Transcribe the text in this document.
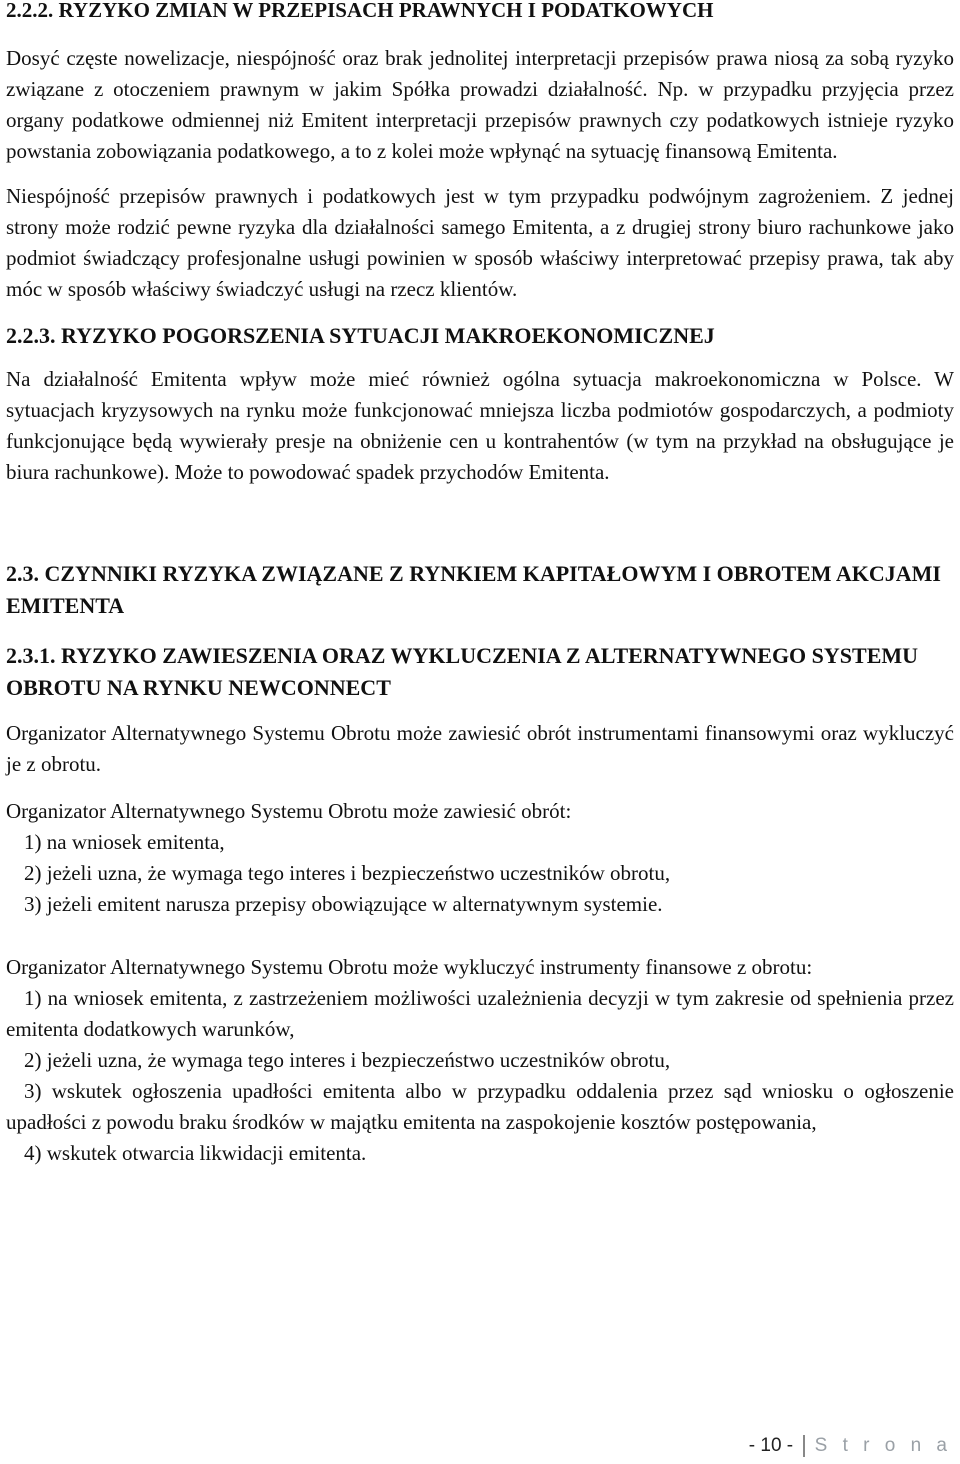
2.2.2. RYZYKO ZMIAN W PRZEPISACH PRAWNYCH I PODATKOWYCH

Dosyć częste nowelizacje, niespójność oraz brak jednolitej interpretacji przepisów prawa niosą za sobą ryzyko związane z otoczeniem prawnym w jakim Spółka prowadzi działalność. Np. w przypadku przyjęcia przez organy podatkowe odmiennej niż Emitent interpretacji przepisów prawnych czy podatkowych istnieje ryzyko powstania zobowiązania podatkowego, a to z kolei może wpłynąć na sytuację finansową Emitenta.

Niespójność przepisów prawnych i podatkowych jest w tym przypadku podwójnym zagrożeniem. Z jednej strony może rodzić pewne ryzyka dla działalności samego Emitenta, a z drugiej strony biuro rachunkowe jako podmiot świadczący profesjonalne usługi powinien w sposób właściwy interpretować przepisy prawa, tak aby móc w sposób właściwy świadczyć usługi na rzecz klientów.

2.2.3. RYZYKO POGORSZENIA SYTUACJI MAKROEKONOMICZNEJ

Na działalność Emitenta wpływ może mieć również ogólna sytuacja makroekonomiczna w Polsce. W sytuacjach kryzysowych na rynku może funkcjonować mniejsza liczba podmiotów gospodarczych, a podmioty funkcjonujące będą wywierały presje na obniżenie cen u kontrahentów (w tym na przykład na obsługujące je biura rachunkowe). Może to powodować spadek przychodów Emitenta.

2.3. CZYNNIKI RYZYKA ZWIĄZANE Z RYNKIEM KAPITAŁOWYM I OBROTEM AKCJAMI EMITENTA
2.3.1. RYZYKO ZAWIESZENIA ORAZ WYKLUCZENIA Z ALTERNATYWNEGO SYSTEMU OBROTU NA RYNKU NEWCONNECT

Organizator Alternatywnego Systemu Obrotu może zawiesić obrót instrumentami finansowymi oraz wykluczyć je z obrotu.

Organizator Alternatywnego Systemu Obrotu może zawiesić obrót:

1) na wniosek emitenta,

2) jeżeli uzna, że wymaga tego interes i bezpieczeństwo uczestników obrotu,

3) jeżeli emitent narusza przepisy obowiązujące w alternatywnym systemie.

Organizator Alternatywnego Systemu Obrotu może wykluczyć instrumenty finansowe z obrotu:

1) na wniosek emitenta, z zastrzeżeniem możliwości uzależnienia decyzji w tym zakresie od spełnienia przez emitenta dodatkowych warunków,

2) jeżeli uzna, że wymaga tego interes i bezpieczeństwo uczestników obrotu,

3) wskutek ogłoszenia upadłości emitenta albo w przypadku oddalenia przez sąd wniosku o ogłoszenie upadłości z powodu braku środków w majątku emitenta na zaspokojenie kosztów postępowania,

4) wskutek otwarcia likwidacji emitenta.

- 10 - S t r o n a
